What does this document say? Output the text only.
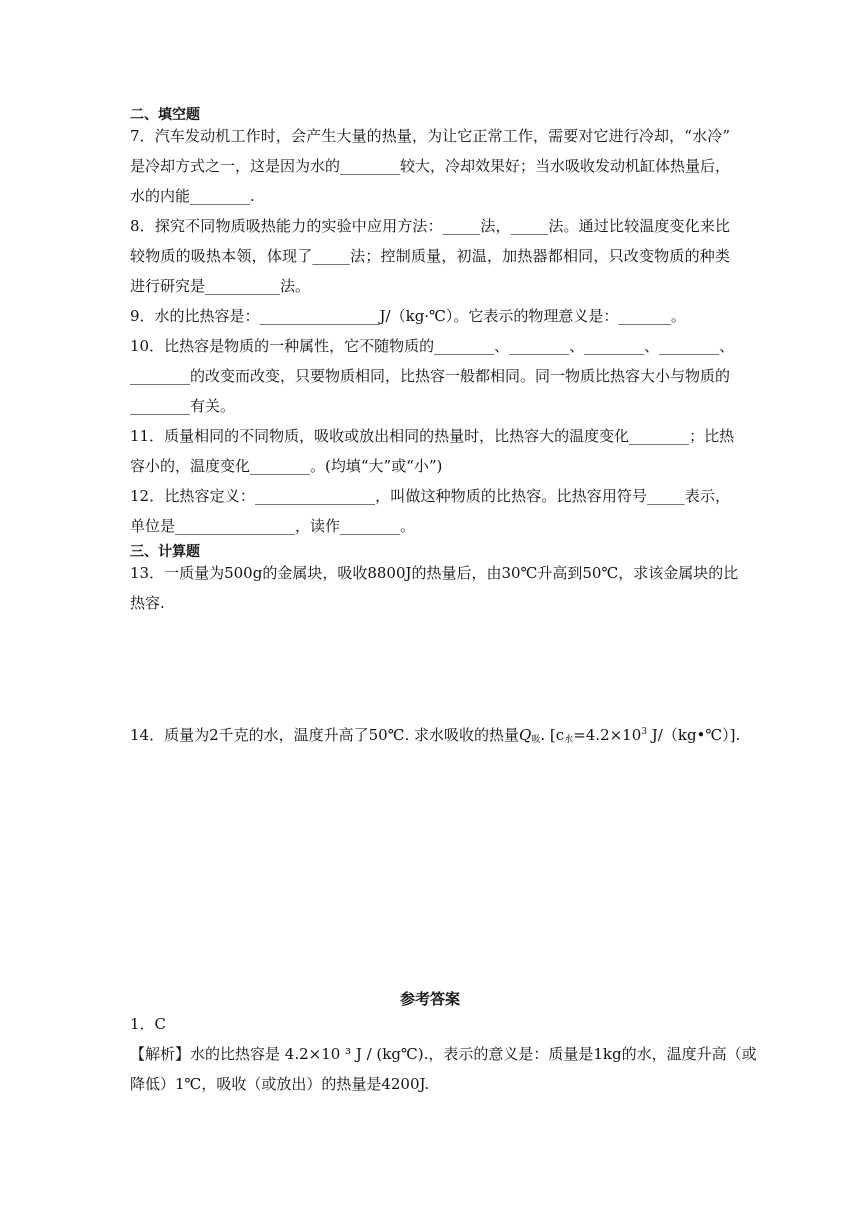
二、填空题
7．汽车发动机工作时，会产生大量的热量，为让它正常工作，需要对它进行冷却，“水冷”
是冷却方式之一，这是因为水的________较大，冷却效果好；当水吸收发动机缸体热量后，
水的内能________.
8．探究不同物质吸热能力的实验中应用方法：_____法，_____法。通过比较温度变化来比
较物质的吸热本领，体现了_____法；控制质量，初温，加热器都相同，只改变物质的种类
进行研究是__________法。
9．水的比热容是：________________J/（kg·℃）。它表示的物理意义是：_______。
10．比热容是物质的一种属性，它不随物质的________、________、________、________、
________的改变而改变，只要物质相同，比热容一般都相同。同一物质比热容大小与物质的
________有关。
11．质量相同的不同物质，吸收或放出相同的热量时，比热容大的温度变化________；比热
容小的，温度变化________。(均填“大”或“小”)
12．比热容定义：________________，叫做这种物质的比热容。比热容用符号_____表示，
单位是________________，读作________。
三、计算题
13．一质量为500g的金属块，吸收8800J的热量后，由30℃升高到50℃，求该金属块的比
热容.
14．质量为2千克的水，温度升高了50℃. 求水吸收的热量$Q_吸$. [$c_水=4.2\times 10^3$ J/（kg•℃）].
参考答案
1．C
【解析】水的比热容是 4.2×10 ³ J / (kg℃).，表示的意义是：质量是1kg的水，温度升高（或
降低）1℃，吸收（或放出）的热量是4200J.
